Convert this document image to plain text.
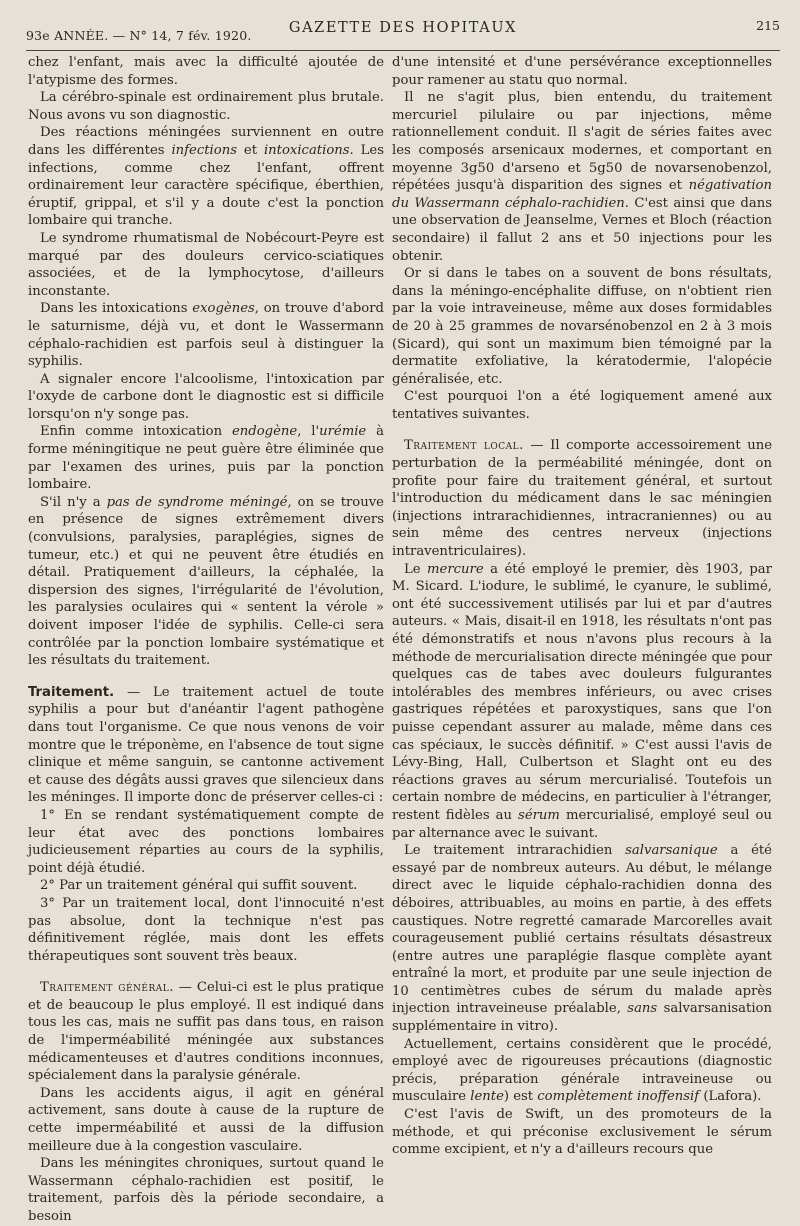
93e ANNÉE. — N° 14, 7 fév. 1920.	GAZETTE DES HOPITAUX	215

chez l'enfant, mais avec la difficulté ajoutée de l'atypisme des formes.

La cérébro-spinale est ordinairement plus brutale. Nous avons vu son diagnostic.

Des réactions méningées surviennent en outre dans les différentes infections et intoxications. Les infections, comme chez l'enfant, offrent ordinairement leur caractère spécifique, éberthien, éruptif, grippal, et s'il y a doute c'est la ponction lombaire qui tranche.

Le syndrome rhumatismal de Nobécourt-Peyre est marqué par des douleurs cervico-sciatiques associées, et de la lymphocytose, d'ailleurs inconstante.

Dans les intoxications exogènes, on trouve d'abord le saturnisme, déjà vu, et dont le Wassermann céphalo-rachidien est parfois seul à distinguer la syphilis.

A signaler encore l'alcoolisme, l'intoxication par l'oxyde de carbone dont le diagnostic est si difficile lorsqu'on n'y songe pas.

Enfin comme intoxication endogène, l'urémie à forme méningitique ne peut guère être éliminée que par l'examen des urines, puis par la ponction lombaire.

S'il n'y a pas de syndrome méningé, on se trouve en présence de signes extrêmement divers (convulsions, paralysies, paraplégies, signes de tumeur, etc.) et qui ne peuvent être étudiés en détail. Pratiquement d'ailleurs, la céphalée, la dispersion des signes, l'irrégularité de l'évolution, les paralysies oculaires qui « sentent la vérole » doivent imposer l'idée de syphilis. Celle-ci sera contrôlée par la ponction lombaire systématique et les résultats du traitement.

Traitement. — Le traitement actuel de toute syphilis a pour but d'anéantir l'agent pathogène dans tout l'organisme. Ce que nous venons de voir montre que le tréponème, en l'absence de tout signe clinique et même sanguin, se cantonne activement et cause des dégâts aussi graves que silencieux dans les méninges. Il importe donc de préserver celles-ci :

1° En se rendant systématiquement compte de leur état avec des ponctions lombaires judicieusement réparties au cours de la syphilis, point déjà étudié.

2° Par un traitement général qui suffit souvent.

3° Par un traitement local, dont l'innocuité n'est pas absolue, dont la technique n'est pas définitivement réglée, mais dont les effets thérapeutiques sont souvent très beaux.

Traitement général. — Celui-ci est le plus pratique et de beaucoup le plus employé. Il est indiqué dans tous les cas, mais ne suffit pas dans tous, en raison de l'imperméabilité méningée aux substances médicamenteuses et d'autres conditions inconnues, spécialement dans la paralysie générale.

Dans les accidents aigus, il agit en général activement, sans doute à cause de la rupture de cette imperméabilité et aussi de la diffusion meilleure due à la congestion vasculaire.

Dans les méningites chroniques, surtout quand le Wassermann céphalo-rachidien est positif, le traitement, parfois dès la période secondaire, a besoin

d'une intensité et d'une persévérance exceptionnelles pour ramener au statu quo normal.

Il ne s'agit plus, bien entendu, du traitement mercuriel pilulaire ou par injections, même rationnellement conduit. Il s'agit de séries faites avec les composés arsenicaux modernes, et comportant en moyenne 3g50 d'arseno et 5g50 de novarsenobenzol, répétées jusqu'à disparition des signes et négativation du Wassermann céphalo-rachidien. C'est ainsi que dans une observation de Jeanselme, Vernes et Bloch (réaction secondaire) il fallut 2 ans et 50 injections pour les obtenir.

Or si dans le tabes on a souvent de bons résultats, dans la méningo-encéphalite diffuse, on n'obtient rien par la voie intraveineuse, même aux doses formidables de 20 à 25 grammes de novarsénobenzol en 2 à 3 mois (Sicard), qui sont un maximum bien témoigné par la dermatite exfoliative, la kératodermie, l'alopécie généralisée, etc.

C'est pourquoi l'on a été logiquement amené aux tentatives suivantes.

Traitement local. — Il comporte accessoirement une perturbation de la perméabilité méningée, dont on profite pour faire du traitement général, et surtout l'introduction du médicament dans le sac méningien (injections intrarachidiennes, intracraniennes) ou au sein même des centres nerveux (injections intraventriculaires).

Le mercure a été employé le premier, dès 1903, par M. Sicard. L'iodure, le sublimé, le cyanure, le sublimé, ont été successivement utilisés par lui et par d'autres auteurs. « Mais, disait-il en 1918, les résultats n'ont pas été démonstratifs et nous n'avons plus recours à la méthode de mercurialisation directe méningée que pour quelques cas de tabes avec douleurs fulgurantes intolérables des membres inférieurs, ou avec crises gastriques répétées et paroxystiques, sans que l'on puisse cependant assurer au malade, même dans ces cas spéciaux, le succès définitif. » C'est aussi l'avis de Lévy-Bing, Hall, Culbertson et Slaght ont eu des réactions graves au sérum mercurialisé. Toutefois un certain nombre de médecins, en particulier à l'étranger, restent fidèles au sérum mercurialisé, employé seul ou par alternance avec le suivant.

Le traitement intrarachidien salvarsanique a été essayé par de nombreux auteurs. Au début, le mélange direct avec le liquide céphalo-rachidien donna des déboires, attribuables, au moins en partie, à des effets caustiques. Notre regretté camarade Marcorelles avait courageusement publié certains résultats désastreux (entre autres une paraplégie flasque complète ayant entraîné la mort, et produite par une seule injection de 10 centimètres cubes de sérum du malade après injection intraveineuse préalable, sans salvarsanisation supplémentaire in vitro).

Actuellement, certains considèrent que le procédé, employé avec de rigoureuses précautions (diagnostic précis, préparation générale intraveineuse ou musculaire lente) est complètement inoffensif (Lafora).

C'est l'avis de Swift, un des promoteurs de la méthode, et qui préconise exclusivement le sérum comme excipient, et n'y a d'ailleurs recours que
